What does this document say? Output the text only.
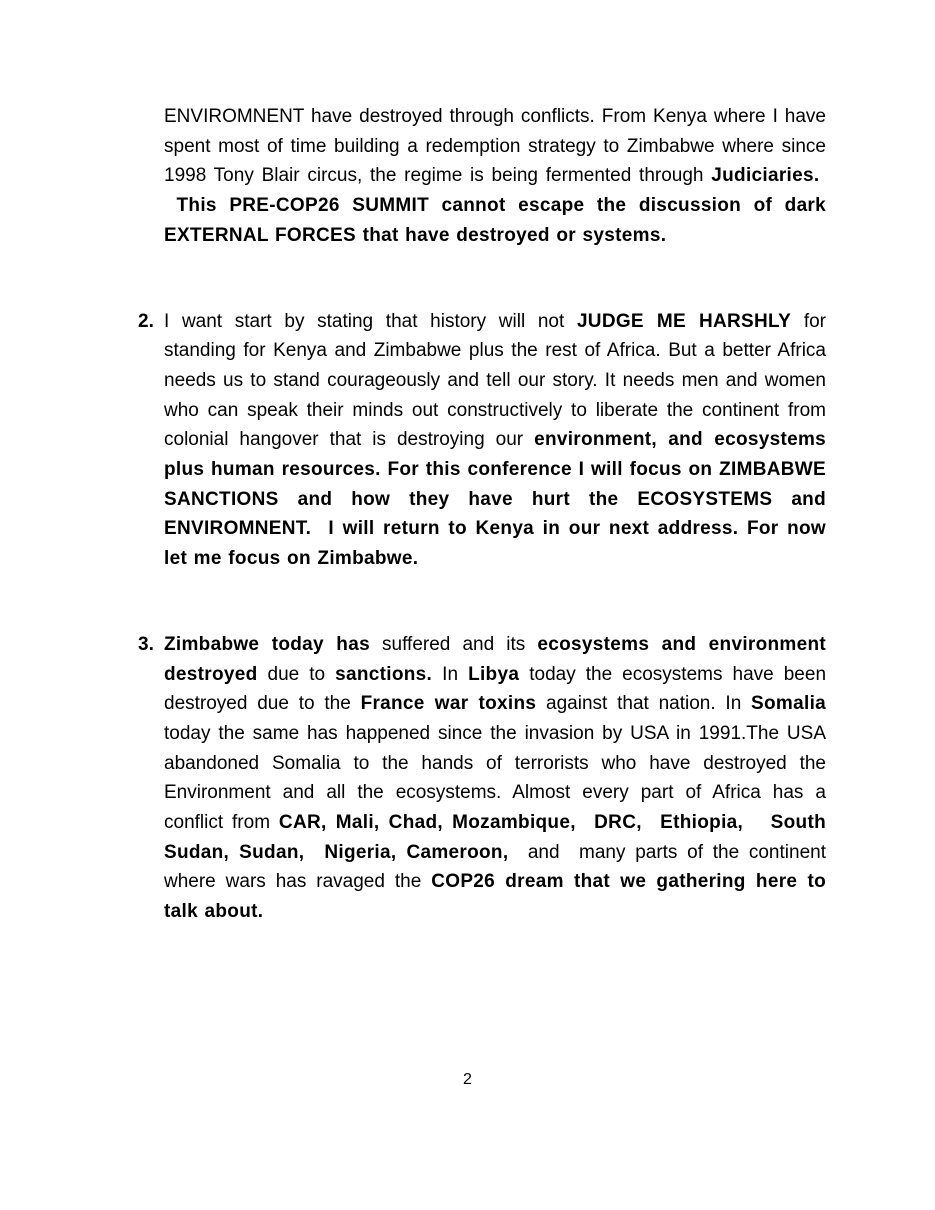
ENVIROMNENT have destroyed through conflicts. From Kenya where I have spent most of time building a redemption strategy to Zimbabwe where since 1998 Tony Blair circus, the regime is being fermented through Judiciaries.   This PRE-COP26 SUMMIT cannot escape the discussion of dark EXTERNAL FORCES that have destroyed or systems.
2. I want start by stating that history will not JUDGE ME HARSHLY for standing for Kenya and Zimbabwe plus the rest of Africa. But a better Africa needs us to stand courageously and tell our story. It needs men and women who can speak their minds out constructively to liberate the continent from colonial hangover that is destroying our environment, and ecosystems plus human resources. For this conference I will focus on ZIMBABWE SANCTIONS and how they have hurt the ECOSYSTEMS and ENVIROMNENT.  I will return to Kenya in our next address. For now let me focus on Zimbabwe.
3. Zimbabwe today has suffered and its ecosystems and environment destroyed due to sanctions. In Libya today the ecosystems have been destroyed due to the France war toxins against that nation. In Somalia today the same has happened since the invasion by USA in 1991.The USA abandoned Somalia to the hands of terrorists who have destroyed the Environment and all the ecosystems. Almost every part of Africa has a conflict from CAR, Mali, Chad, Mozambique,  DRC,  Ethiopia,   South Sudan, Sudan,  Nigeria, Cameroon,  and  many parts of the continent where wars has ravaged the COP26 dream that we gathering here to talk about.
2
